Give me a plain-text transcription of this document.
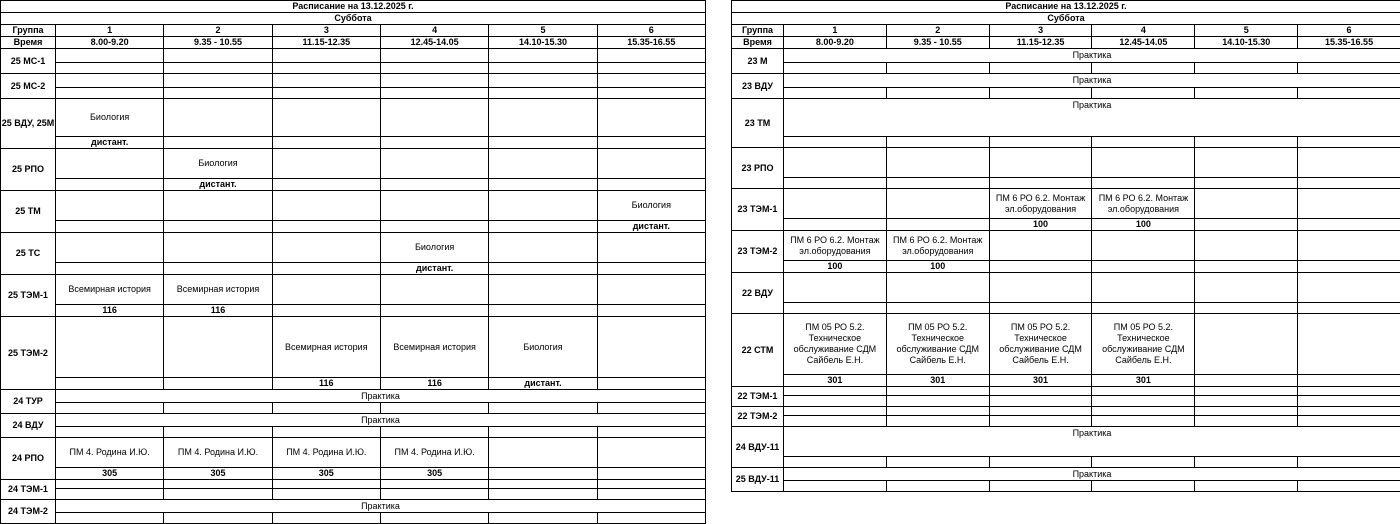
Расписание на 13.12.2025 г.						
Суббота						
Группа	1	2	3	4	5	6
Время	8.00-9.20	9.35 - 10.55	11.15-12.35	12.45-14.05	14.10-15.30	15.35-16.55
25 МС-1						

25 МС-2						

25 ВДУ, 25М	Биология					
	дистант.					
25 РПО		Биология				
		дистант.				
25 ТМ						Биология
						дистант.
25 ТС				Биология		
				дистант.		
25 ТЭМ-1	Всемирная история	Всемирная история				
	116	116				
25 ТЭМ-2			Всемирная история	Всемирная история	Биология	
			116	116	дистант.	
24 ТУР	Практика					

24 ВДУ	Практика					

24 РПО	ПМ 4. Родина И.Ю.	ПМ 4. Родина И.Ю.	ПМ 4. Родина И.Ю.	ПМ 4. Родина И.Ю.		
	305	305	305	305		
24 ТЭМ-1						

24 ТЭМ-2	Практика					

Расписание на 13.12.2025 г.						
Суббота						
Группа	1	2	3	4	5	6
Время	8.00-9.20	9.35 - 10.55	11.15-12.35	12.45-14.05	14.10-15.30	15.35-16.55
23 М	Практика					

23 ВДУ	Практика					

23 ТМ	Практика					

23 РПО						

23 ТЭМ-1			ПМ 6 РО 6.2. Монтаж эл.оборудования	ПМ 6 РО 6.2. Монтаж эл.оборудования		
			100	100		
23 ТЭМ-2	ПМ 6 РО 6.2. Монтаж эл.оборудования	ПМ 6 РО 6.2. Монтаж эл.оборудования				
	100	100				
22 ВДУ						

22 СТМ	ПМ 05 РО 5.2. Техническое обслуживание СДМ Сайбель Е.Н.	ПМ 05 РО 5.2. Техническое обслуживание СДМ Сайбель Е.Н.	ПМ 05 РО 5.2. Техническое обслуживание СДМ Сайбель Е.Н.	ПМ 05 РО 5.2. Техническое обслуживание СДМ Сайбель Е.Н.		
	301	301	301	301		
22 ТЭМ-1						

22 ТЭМ-2						

24 ВДУ-11	Практика					

25 ВДУ-11	Практика					
